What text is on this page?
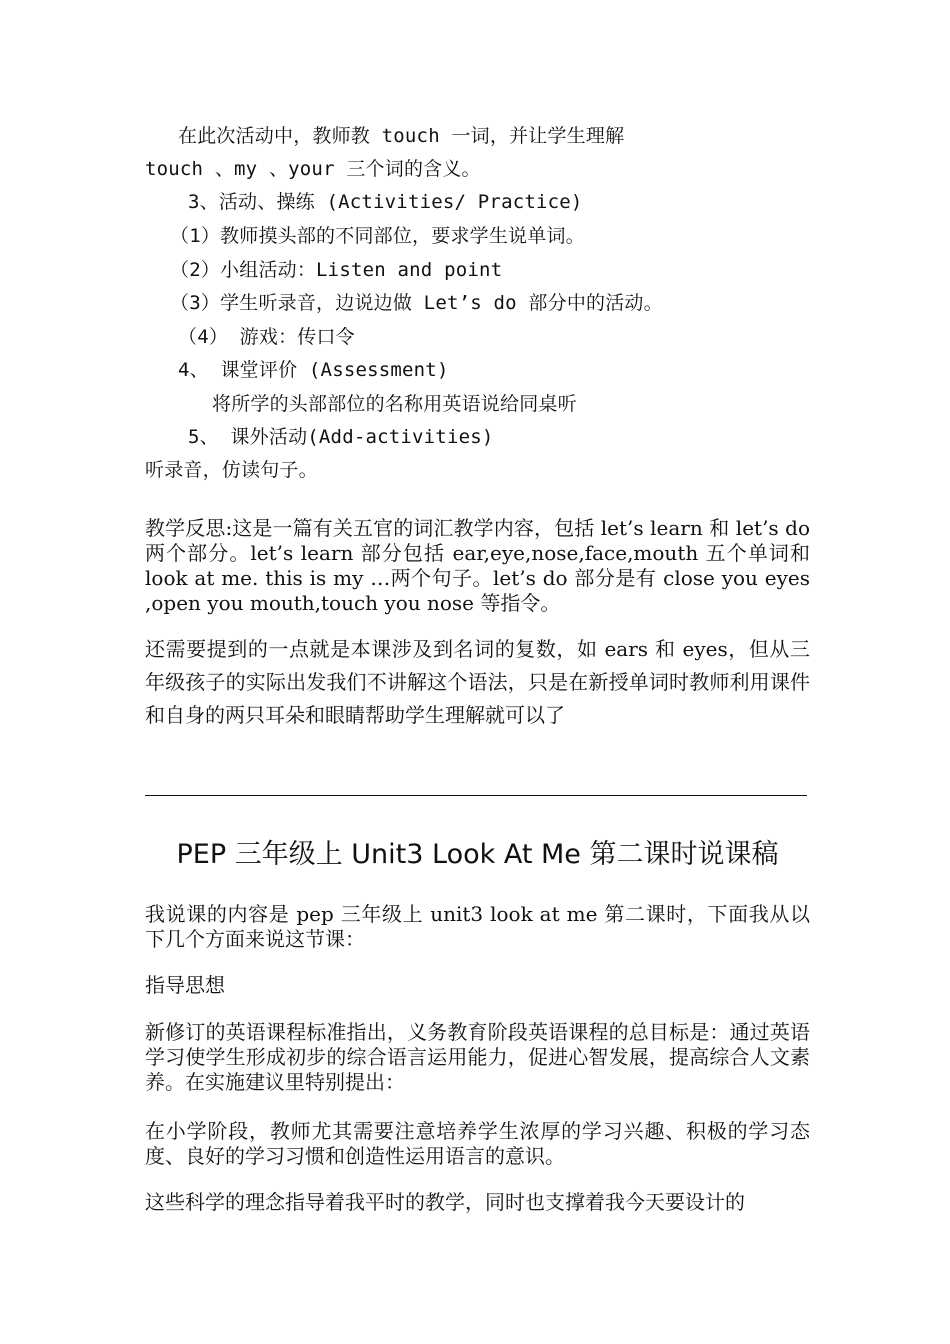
在此次活动中，教师教 touch 一词，并让学生理解
touch 、my 、your 三个词的含义。
3、活动、操练 (Activities/ Practice)
（1）教师摸头部的不同部位，要求学生说单词。
（2）小组活动：Listen and point
（3）学生听录音，边说边做 Let’s do 部分中的活动。
（4） 游戏：传口令
4、 课堂评价 (Assessment)
将所学的头部部位的名称用英语说给同桌听
5、 课外活动(Add-activities)
听录音，仿读句子。
教学反思:这是一篇有关五官的词汇教学内容，包括 let’s learn 和 let’s do 两个部分。let’s learn 部分包括 ear,eye,nose,face,mouth 五个单词和 look at me. this is my …两个句子。let’s do 部分是有 close you eyes ,open you mouth,touch you nose 等指令。
还需要提到的一点就是本课涉及到名词的复数，如 ears 和 eyes，但从三年级孩子的实际出发我们不讲解这个语法，只是在新授单词时教师利用课件和自身的两只耳朵和眼睛帮助学生理解就可以了
PEP 三年级上 Unit3 Look At Me 第二课时说课稿
我说课的内容是 pep 三年级上 unit3 look at me 第二课时，下面我从以下几个方面来说这节课：
指导思想
新修订的英语课程标准指出，义务教育阶段英语课程的总目标是：通过英语学习使学生形成初步的综合语言运用能力，促进心智发展，提高综合人文素养。在实施建议里特别提出：
在小学阶段，教师尤其需要注意培养学生浓厚的学习兴趣、积极的学习态度、良好的学习习惯和创造性运用语言的意识。
这些科学的理念指导着我平时的教学，同时也支撑着我今天要设计的
